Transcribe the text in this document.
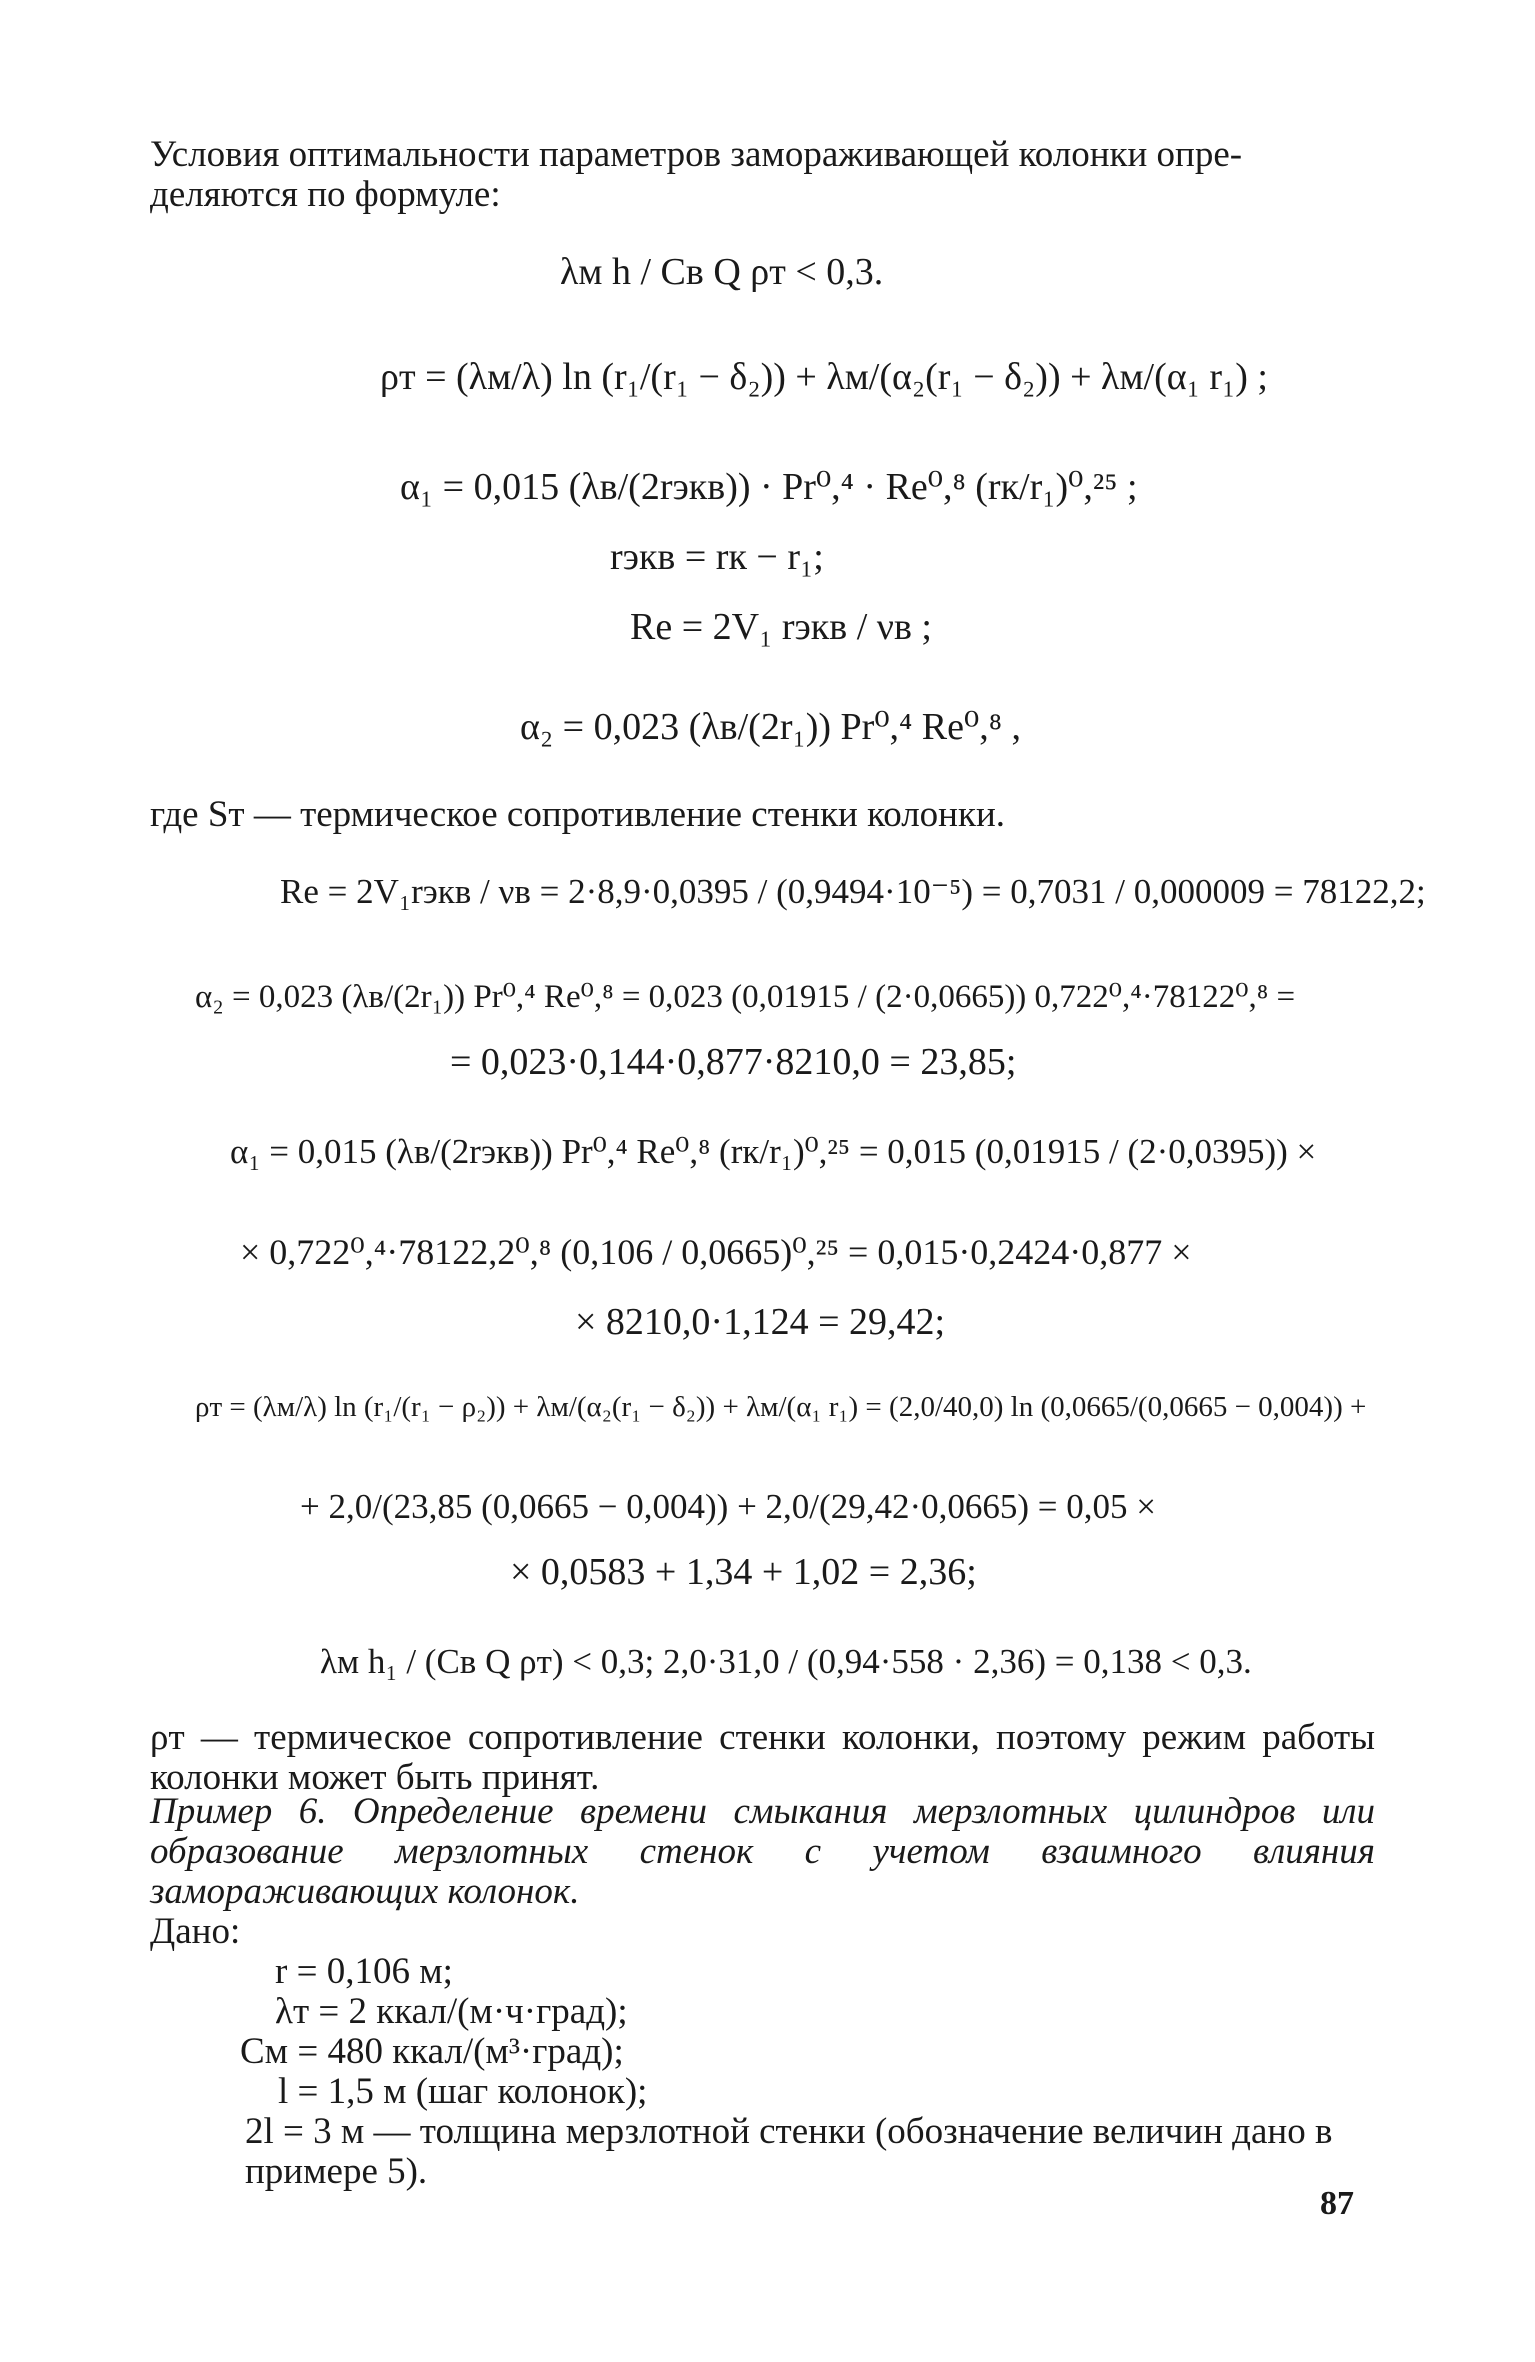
Условия оптимальности параметров замораживающей колонки опре-
деляются по формуле:

λм h / Cв Q ρт < 0,3.
ρт = (λм/λ) ln (r₁/(r₁ − δ₂)) + λм/(α₂(r₁ − δ₂)) + λм/(α₁ r₁) ;
α₁ = 0,015 (λв/(2rэкв)) · Pr⁰,⁴ · Re⁰,⁸ (rк/r₁)⁰,²⁵ ;
rэкв = rк − r₁;
Re = 2V₁ rэкв / νв ;
α₂ = 0,023 (λв/(2r₁)) Pr⁰,⁴ Re⁰,⁸ ,

где Sт — термическое сопротивление стенки колонки.

Re = 2V₁rэкв / νв = 2·8,9·0,0395 / (0,9494·10⁻⁵) = 0,7031 / 0,000009 = 78122,2;
α₂ = 0,023 (λв/(2r₁)) Pr⁰,⁴ Re⁰,⁸ = 0,023 (0,01915 / (2·0,0665)) 0,722⁰,⁴·78122⁰,⁸ =
= 0,023·0,144·0,877·8210,0 = 23,85;
α₁ = 0,015 (λв/(2rэкв)) Pr⁰,⁴ Re⁰,⁸ (rк/r₁)⁰,²⁵ = 0,015 (0,01915 / (2·0,0395)) ×
× 0,722⁰,⁴·78122,2⁰,⁸ (0,106 / 0,0665)⁰,²⁵ = 0,015·0,2424·0,877 ×
× 8210,0·1,124 = 29,42;
ρт = (λм/λ) ln (r₁/(r₁ − ρ₂)) + λм/(α₂(r₁ − δ₂)) + λм/(α₁ r₁) = (2,0/40,0) ln (0,0665/(0,0665 − 0,004)) +
+ 2,0/(23,85 (0,0665 − 0,004)) + 2,0/(29,42·0,0665) = 0,05 ×
× 0,0583 + 1,34 + 1,02 = 2,36;
λм h₁ / (Cв Q ρт) < 0,3; 2,0·31,0 / (0,94·558 · 2,36) = 0,138 < 0,3.

ρт — термическое сопротивление стенки колонки, поэтому режим работы колонки может быть принят.

Пример 6. Определение времени смыкания мерзлотных цилиндров или образование мерзлотных стенок с учетом взаимного влияния замораживающих колонок.

Дано:

r = 0,106 м;
λт = 2 ккал/(м·ч·град);
Cм = 480 ккал/(м³·град);
l = 1,5 м (шаг колонок);
2l = 3 м — толщина мерзлотной стенки (обозначение величин дано в примере 5).
87
